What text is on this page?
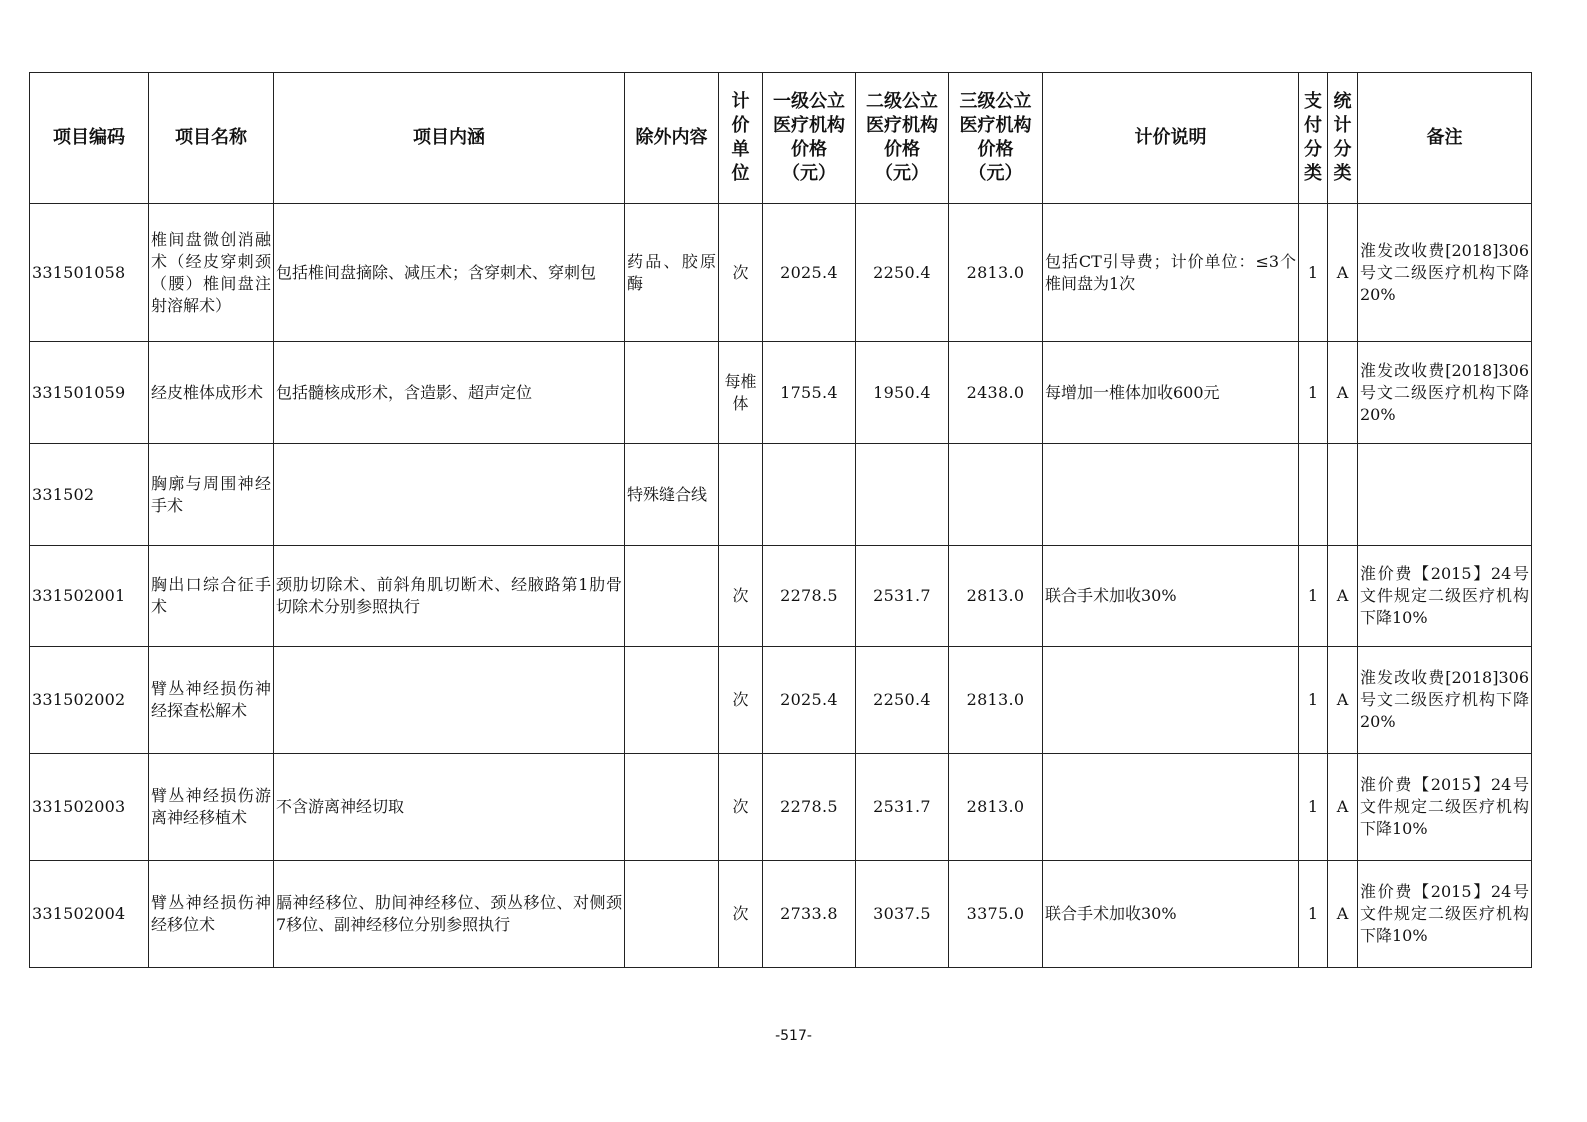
项目编码	项目名称	项目内涵	除外内容	计价单位	一级公立医疗机构价格（元）	二级公立医疗机构价格（元）	三级公立医疗机构价格（元）	计价说明	支付分类	统计分类	备注
331501058	椎间盘微创消融术（经皮穿刺颈（腰）椎间盘注射溶解术）	包括椎间盘摘除、减压术；含穿刺术、穿刺包	药品、胶原酶	次	2025.4	2250.4	2813.0	包括CT引导费；计价单位：≤3个椎间盘为1次	1	A	淮发改收费[2018]306号文二级医疗机构下降20%
331501059	经皮椎体成形术	包括髓核成形术，含造影、超声定位		每椎体	1755.4	1950.4	2438.0	每增加一椎体加收600元	1	A	淮发改收费[2018]306号文二级医疗机构下降20%
331502	胸廓与周围神经手术		特殊缝合线								
331502001	胸出口综合征手术	颈肋切除术、前斜角肌切断术、经腋路第1肋骨切除术分别参照执行		次	2278.5	2531.7	2813.0	联合手术加收30%	1	A	淮价费【2015】24号文件规定二级医疗机构下降10%
331502002	臂丛神经损伤神经探查松解术			次	2025.4	2250.4	2813.0		1	A	淮发改收费[2018]306号文二级医疗机构下降20%
331502003	臂丛神经损伤游离神经移植术	不含游离神经切取		次	2278.5	2531.7	2813.0		1	A	淮价费【2015】24号文件规定二级医疗机构下降10%
331502004	臂丛神经损伤神经移位术	膈神经移位、肋间神经移位、颈丛移位、对侧颈7移位、副神经移位分别参照执行		次	2733.8	3037.5	3375.0	联合手术加收30%	1	A	淮价费【2015】24号文件规定二级医疗机构下降10%
-517-
